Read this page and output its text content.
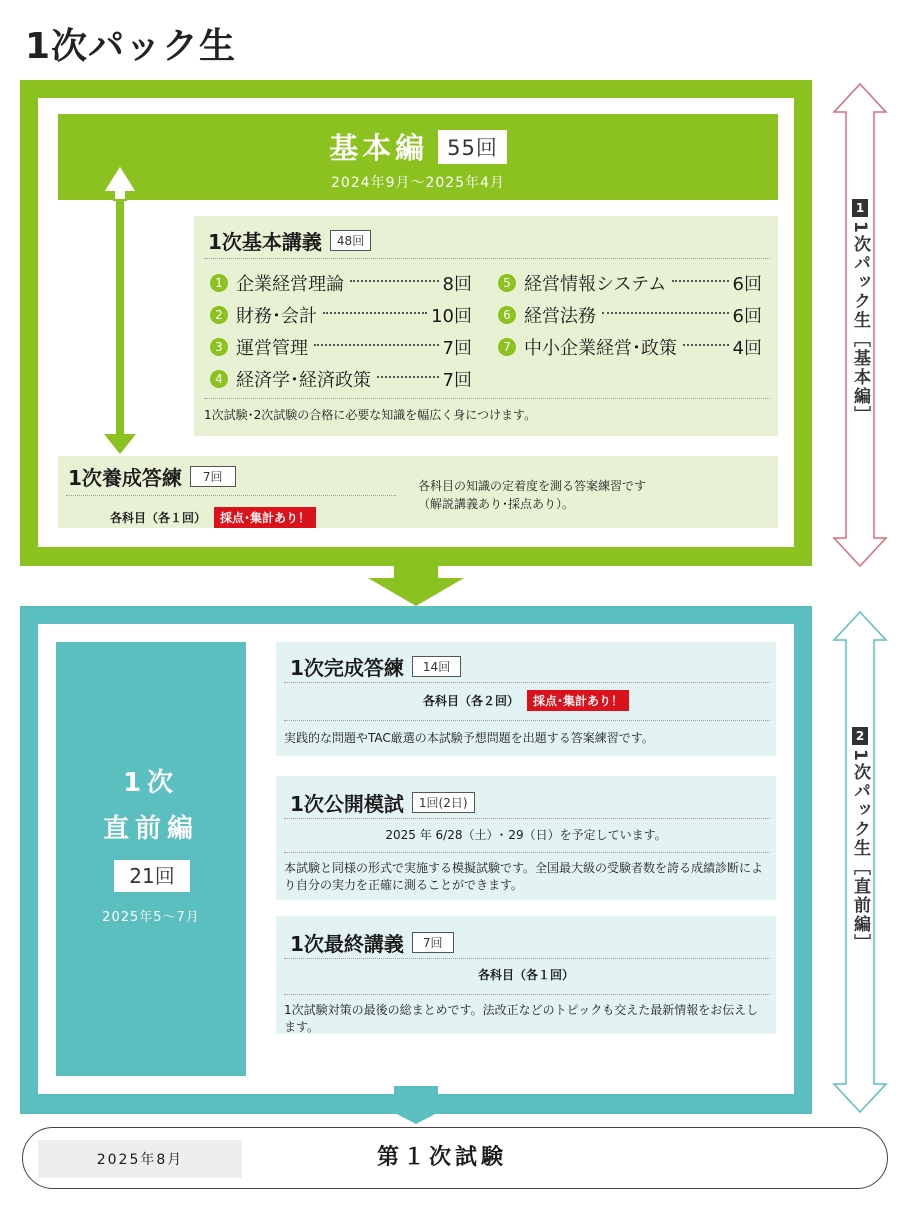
1次パック生
基本編 55回
2024年9月～2025年4月
1次基本講義	48回
1 企業経営理論	8回
2 財務･会計	10回
3 運営管理	7回
4 経済学･経済政策	7回
5 経営情報システム	6回
6 経営法務	6回
7 中小企業経営･政策	4回
1次試験･2次試験の合格に必要な知識を幅広く身につけます。
1次養成答練	7回
各科目（各１回）	採点･集計あり！
各科目の知識の定着度を測る答案練習です
（解説講義あり･採点あり）。
1次
直前編
21回
2025年5～7月
1次完成答練	14回
各科目（各２回）	採点･集計あり！
実践的な問題やTAC厳選の本試験予想問題を出題する答案練習です。
1次公開模試	1回(2日)
2025 年 6/28（土）･ 29（日）を予定しています。
本試験と同様の形式で実施する模擬試験です。全国最大級の受験者数を誇る成績診断により自分の実力を正確に測ることができます。
1次最終講義	7回
各科目（各１回）
1次試験対策の最後の総まとめです。法改正などのトピックも交えた最新情報をお伝えします。
2025年8月	第１次試験
1
1次パック生［基本編］
2
1次パック生［直前編］
